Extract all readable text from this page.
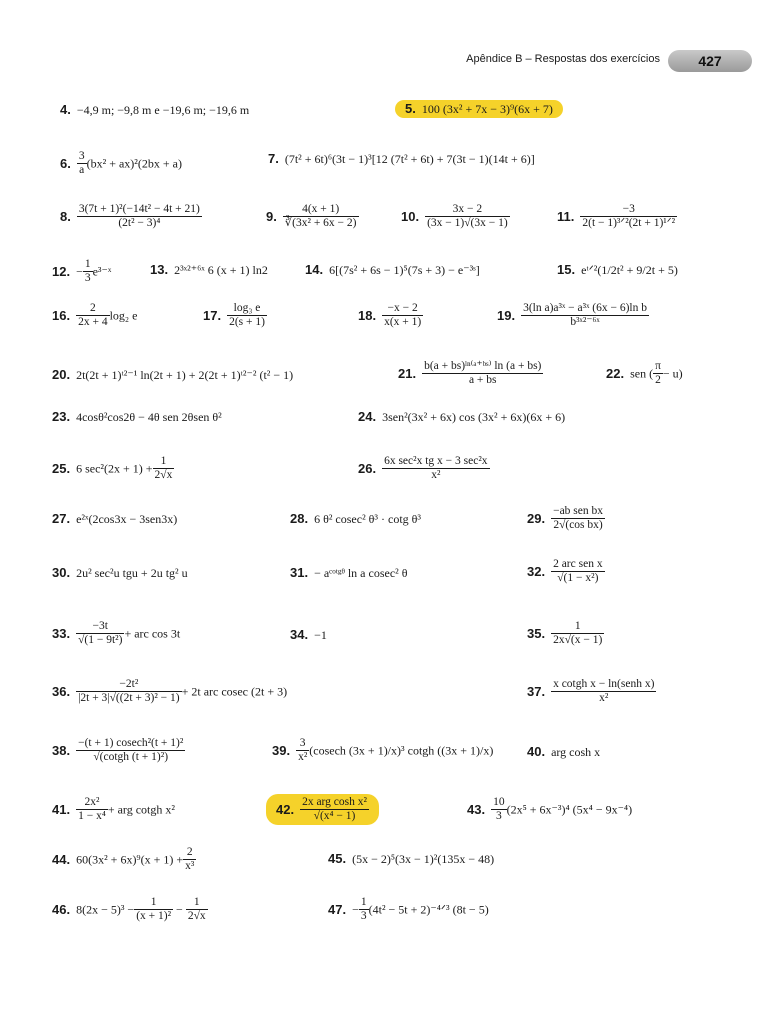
Apêndice B – Respostas dos exercícios	427
4. −4,9 m; −9,8 m e −19,6 m; −19,6 m	5. 100 (3x² + 7x − 3)⁹(6x + 7)
6. $\frac{3}{a} (bx^2 + ax)^2(2bx + a)$	7. (7t² + 6t)⁶(3t − 1)³[12 (7t² + 6t) + 7(3t − 1)(14t + 6)]
8. $\frac{\text{3(7t + 1)²(−14t² − 4t + 21)}}{\text{(2t² − 3)⁴}}$	9. $\frac{4(x + 1)}{\text{∛(3x² + 6x − 2)}}$	10. $\frac{3x - 2}{(3x - 1)√(3x - 1)}$	11. $\frac{-3}{\text{2(t − 1)³ᐟ²(2t + 1)¹ᐟ²}}$
12. − $\frac{1}{3}$ e³⁻ˣ	13. 2³ˣ²⁺⁶ˣ 6 (x + 1) ln2	14. 6[(7s² + 6s − 1)⁵(7s + 3) − e⁻³ˢ]	15. eᵗᐟ²(1/2t² + 9/2t + 5)
16. $\frac{2}{2x + 4} \log_2$ e	17. $\frac{\text{log₃ e}}{2(s + 1)}$	18. $\frac{-x - 2}{x(x + 1)}$	19. $\frac{\text{3(ln a)a³ˣ − a³ˣ (6x − 6)ln b}}{\text{b³ˣ²⁻⁶ˣ}}$
20. 2t(2t + 1)ᵗ²⁻¹ ln(2t + 1) + 2(2t + 1)ᵗ²⁻² (t² − 1)	21. $\frac{\text{b(a + bs)ˡⁿ⁽ᵃ⁺ᵇˢ⁾ ln (a + bs)}}{a + bs}$	22. sen ( $\frac{\pi}{2} - u$)
23. 4cosθ²cos2θ − 4θ sen 2θsen θ²	24. 3sen²(3x² + 6x) cos (3x² + 6x)(6x + 6)
25. 6 $\sec^2(2x + 1) + \frac{1}{2√x}$	26. $\frac{\text{6x sec²x tg x − 3 sec²x}}{\text{x²}}$
27. e²ˣ(2cos3x − 3sen3x)	28. 6 θ² cosec² θ³ · cotg θ³	29. $\frac{\text{−ab sen bx}}{\text{2√(cos bx)}}$
30. 2u² sec²u tgu + 2u tg² u	31. − aᶜᵒᵗᵍᶿ ln a cosec² θ	32. $\frac{\text{2 arc sen x}}{\text{√(1 − x²)}}$
33. $\frac{-3t}{\text{√(1 − 9t²)}}$ + arc cos 3t	34. −1	35. $\frac{1}{2x√(x - 1)}$
36. $\frac{\text{−2t²}}{\text{|2t + 3|√((2t + 3)² − 1)}} + 2t$ arc cosec (2t + 3)	37. $\frac{\text{x cotgh x − ln(senh x)}}{\text{x²}}$
38. $\frac{\text{−(t + 1) cosech²(t + 1)²}}{\text{√(cotgh (t + 1)²)}}$	39. $\frac{3}{\text{x²}} (cosech$ (3x + 1)/x)³ cotgh ((3x + 1)/x)	40. arg cosh x
41. $\frac{\text{2x²}}{\text{1 − x⁴}}$ + arg cotgh x²	42. $\frac{\text{2x arg cosh x²}}{\text{√(x⁴ − 1)}}$	43. $\frac{10}{3} (2x^5 + 6x^{-3})^4$ (5x⁴ − 9x⁻⁴)
44. $60(3x^2 + 6x)^9(x + 1) + \frac{2}{\text{x³}}$	45. (5x − 2)⁵(3x − 1)²(135x − 48)
46. $8(2x - 5)^3 - \frac{1}{\text{(x + 1)²}} - \frac{1}{2√x}$	47. − $\frac{1}{3} (4t^2 - 5t$ + 2)⁻⁴ᐟ³ (8t − 5)
